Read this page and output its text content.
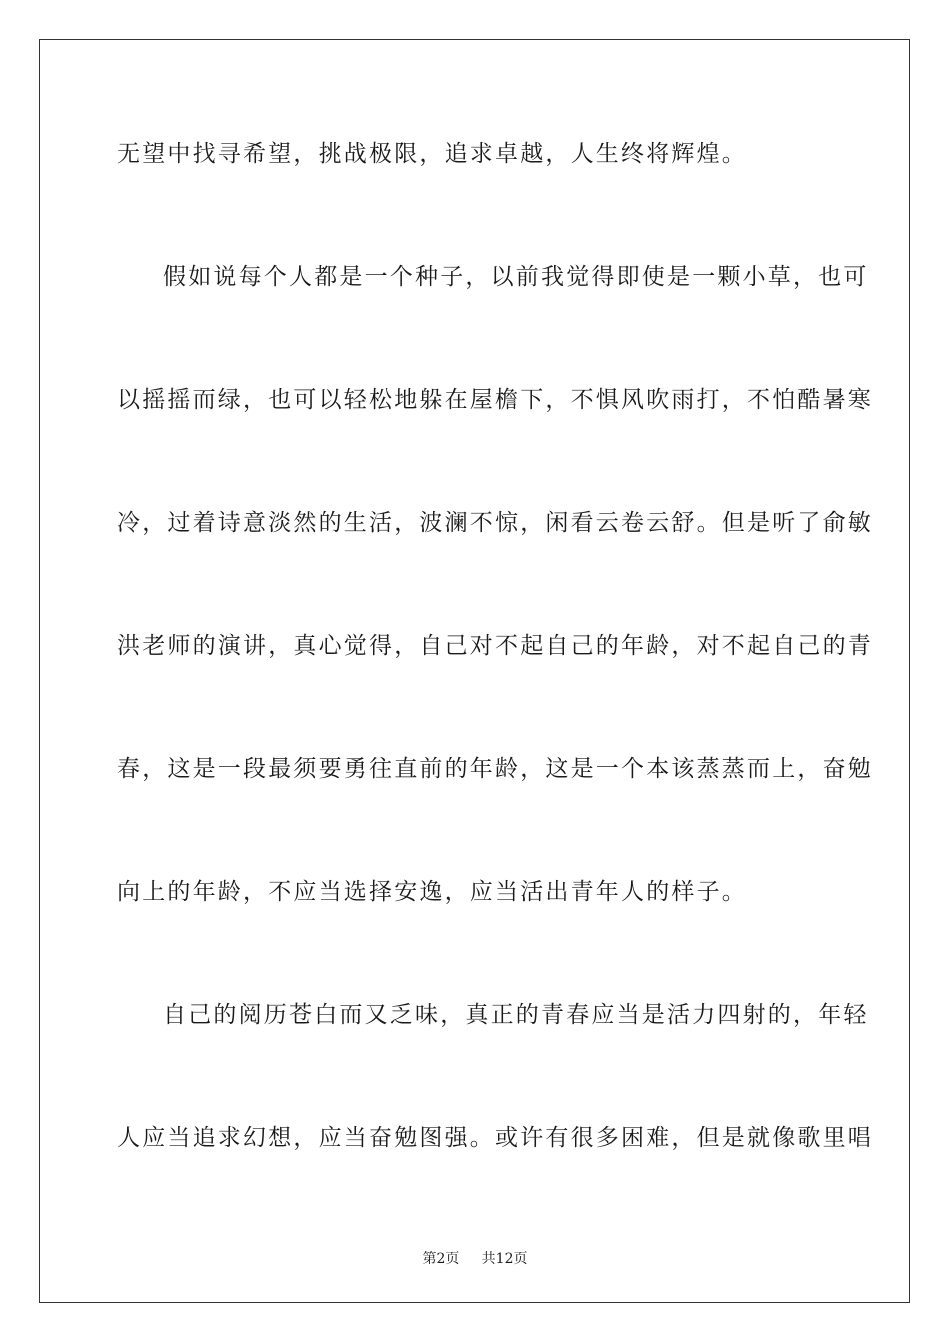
无望中找寻希望，挑战极限，追求卓越，人生终将辉煌。
假如说每个人都是一个种子，以前我觉得即使是一颗小草，也可
以摇摇而绿，也可以轻松地躲在屋檐下，不惧风吹雨打，不怕酷暑寒
冷，过着诗意淡然的生活，波澜不惊，闲看云卷云舒。但是听了俞敏
洪老师的演讲，真心觉得，自己对不起自己的年龄，对不起自己的青
春，这是一段最须要勇往直前的年龄，这是一个本该蒸蒸而上，奋勉
向上的年龄，不应当选择安逸，应当活出青年人的样子。
自己的阅历苍白而又乏味，真正的青春应当是活力四射的，年轻
人应当追求幻想，应当奋勉图强。或许有很多困难，但是就像歌里唱
第2页 共12页
